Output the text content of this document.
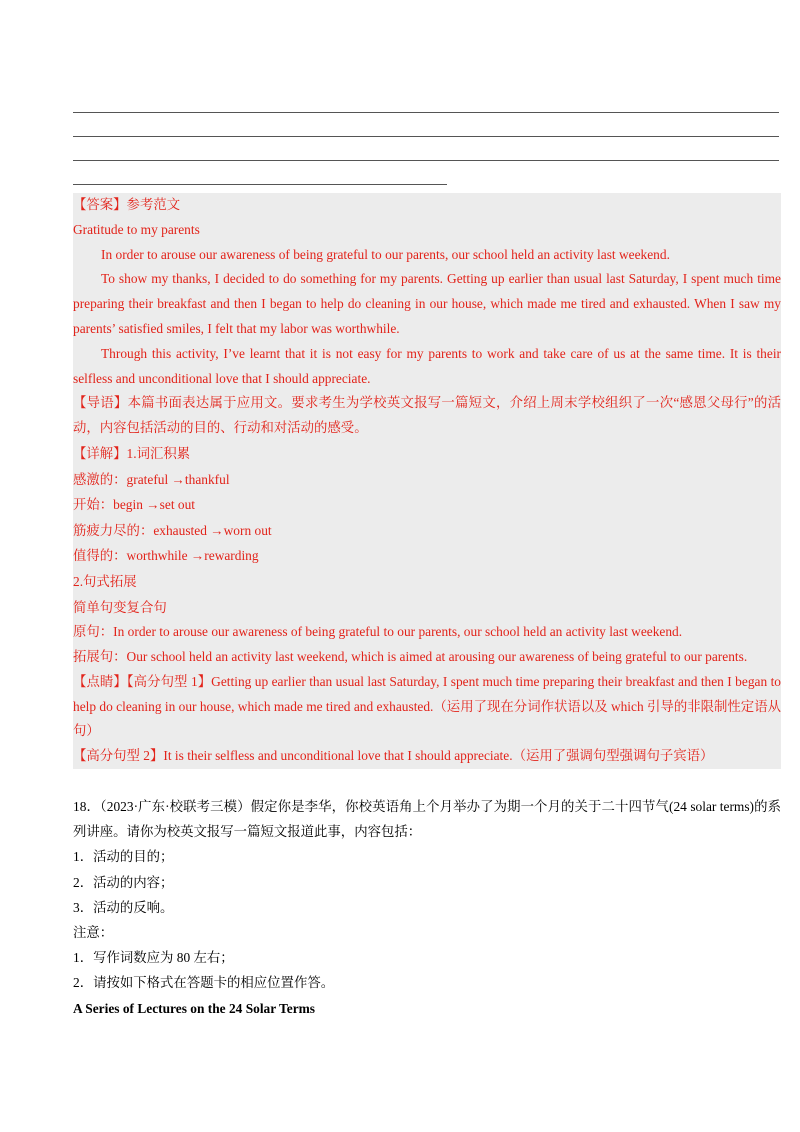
【答案】参考范文

Gratitude to my parents

In order to arouse our awareness of being grateful to our parents, our school held an activity last weekend.

To show my thanks, I decided to do something for my parents. Getting up earlier than usual last Saturday, I spent much time preparing their breakfast and then I began to help do cleaning in our house, which made me tired and exhausted. When I saw my parents’ satisfied smiles, I felt that my labor was worthwhile.

Through this activity, I’ve learnt that it is not easy for my parents to work and take care of us at the same time. It is their selfless and unconditional love that I should appreciate.

【导语】本篇书面表达属于应用文。要求考生为学校英文报写一篇短文，介绍上周末学校组织了一次“感恩父母行”的活动，内容包括活动的目的、行动和对活动的感受。

【详解】1.词汇积累

感激的：grateful →thankful

开始：begin →set out

筋疲力尽的：exhausted →worn out

值得的：worthwhile →rewarding

2.句式拓展

简单句变复合句

原句：In order to arouse our awareness of being grateful to our parents, our school held an activity last weekend.

拓展句：Our school held an activity last weekend, which is aimed at arousing our awareness of being grateful to our parents.

【点睛】【高分句型 1】Getting up earlier than usual last Saturday, I spent much time preparing their breakfast and then I began to help do cleaning in our house, which made me tired and exhausted.（运用了现在分词作状语以及 which 引导的非限制性定语从句）

【高分句型 2】It is their selfless and unconditional love that I should appreciate.（运用了强调句型强调句子宾语）

18．（2023·广东·校联考三模）假定你是李华，你校英语角上个月举办了为期一个月的关于二十四节气(24 solar terms)的系列讲座。请你为校英文报写一篇短文报道此事，内容包括：

1．活动的目的；

2．活动的内容；

3．活动的反响。

注意：

1．写作词数应为 80 左右；

2．请按如下格式在答题卡的相应位置作答。

A Series of Lectures on the 24 Solar Terms
